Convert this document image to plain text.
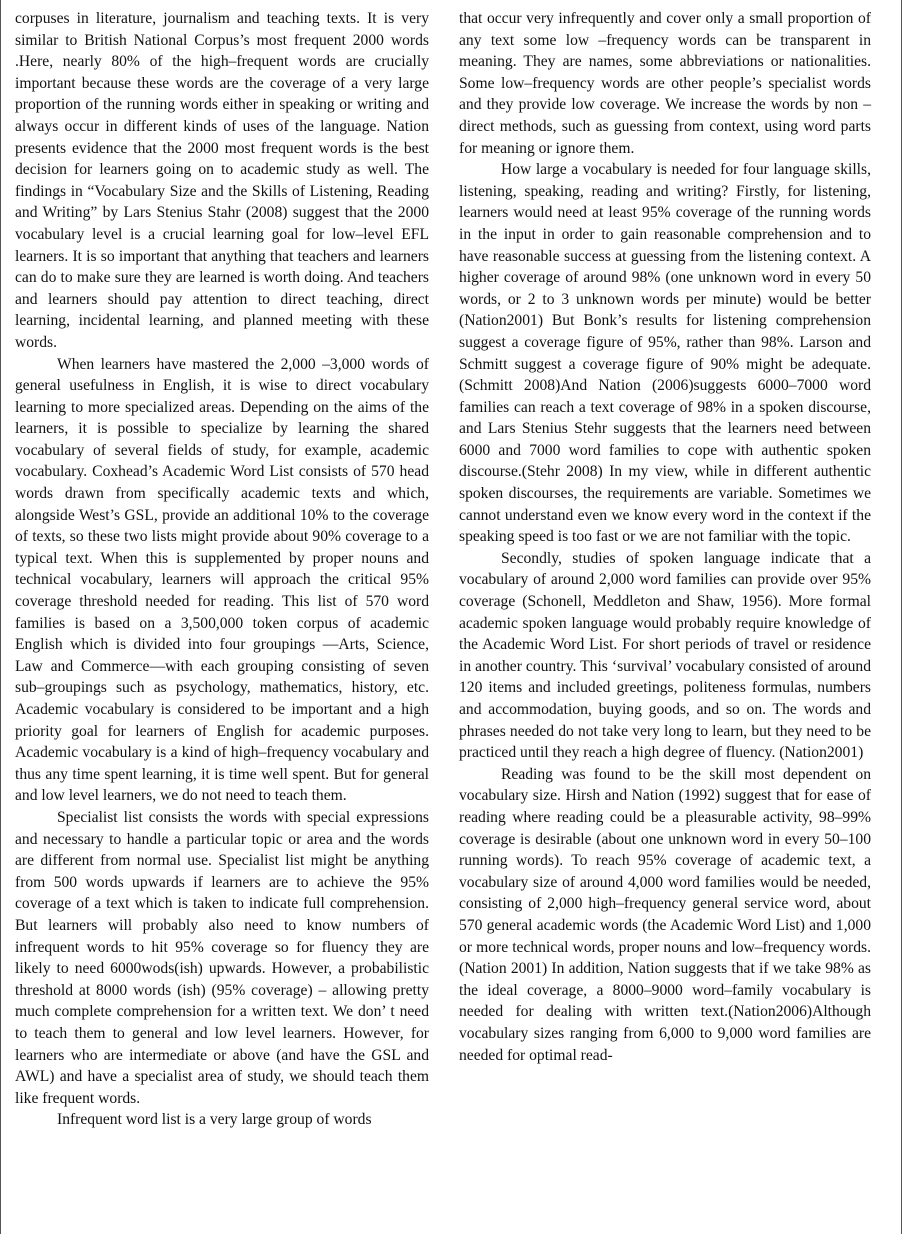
corpuses in literature, journalism and teaching texts. It is very similar to British National Corpus’s most frequent 2000 words .Here, nearly 80% of the high–frequent words are crucially important because these words are the coverage of a very large proportion of the running words either in speaking or writing and always occur in different kinds of uses of the language. Nation presents evidence that the 2000 most frequent words is the best decision for learners going on to academic study as well. The findings in “Vocabulary Size and the Skills of Listening, Reading and Writing” by Lars Stenius Stahr (2008) suggest that the 2000 vocabulary level is a crucial learning goal for low–level EFL learners. It is so important that anything that teachers and learners can do to make sure they are learned is worth doing. And teachers and learners should pay attention to direct teaching, direct learning, incidental learning, and planned meeting with these words.

When learners have mastered the 2,000 –3,000 words of general usefulness in English, it is wise to direct vocabulary learning to more specialized areas. Depending on the aims of the learners, it is possible to specialize by learning the shared vocabulary of several fields of study, for example, academic vocabulary. Coxhead’s Academic Word List consists of 570 head words drawn from specifically academic texts and which, alongside West’s GSL, provide an additional 10% to the coverage of texts, so these two lists might provide about 90% coverage to a typical text. When this is supplemented by proper nouns and technical vocabulary, learners will approach the critical 95% coverage threshold needed for reading. This list of 570 word families is based on a 3,500,000 token corpus of academic English which is divided into four groupings —Arts, Science, Law and Commerce—with each grouping consisting of seven sub–groupings such as psychology, mathematics, history, etc. Academic vocabulary is considered to be important and a high priority goal for learners of English for academic purposes. Academic vocabulary is a kind of high–frequency vocabulary and thus any time spent learning, it is time well spent. But for general and low level learners, we do not need to teach them.

Specialist list consists the words with special expressions and necessary to handle a particular topic or area and the words are different from normal use. Specialist list might be anything from 500 words upwards if learners are to achieve the 95% coverage of a text which is taken to indicate full comprehension. But learners will probably also need to know numbers of infrequent words to hit 95% coverage so for fluency they are likely to need 6000wods(ish) upwards. However, a probabilistic threshold at 8000 words (ish) (95% coverage) – allowing pretty much complete comprehension for a written text. We don’ t need to teach them to general and low level learners. However, for learners who are intermediate or above (and have the GSL and AWL) and have a specialist area of study, we should teach them like frequent words.

Infrequent word list is a very large group of words

that occur very infrequently and cover only a small proportion of any text some low –frequency words can be transparent in meaning. They are names, some abbreviations or nationalities. Some low–frequency words are other people’s specialist words and they provide low coverage. We increase the words by non –direct methods, such as guessing from context, using word parts for meaning or ignore them.

How large a vocabulary is needed for four language skills, listening, speaking, reading and writing? Firstly, for listening, learners would need at least 95% coverage of the running words in the input in order to gain reasonable comprehension and to have reasonable success at guessing from the listening context. A higher coverage of around 98% (one unknown word in every 50 words, or 2 to 3 unknown words per minute) would be better (Nation2001) But Bonk’s results for listening comprehension suggest a coverage figure of 95%, rather than 98%. Larson and Schmitt suggest a coverage figure of 90% might be adequate. (Schmitt 2008)And Nation (2006)suggests 6000–7000 word families can reach a text coverage of 98% in a spoken discourse, and Lars Stenius Stehr suggests that the learners need between 6000 and 7000 word families to cope with authentic spoken discourse.(Stehr 2008) In my view, while in different authentic spoken discourses, the requirements are variable. Sometimes we cannot understand even we know every word in the context if the speaking speed is too fast or we are not familiar with the topic.

Secondly, studies of spoken language indicate that a vocabulary of around 2,000 word families can provide over 95% coverage (Schonell, Meddleton and Shaw, 1956). More formal academic spoken language would probably require knowledge of the Academic Word List. For short periods of travel or residence in another country. This ‘survival’ vocabulary consisted of around 120 items and included greetings, politeness formulas, numbers and accommodation, buying goods, and so on. The words and phrases needed do not take very long to learn, but they need to be practiced until they reach a high degree of fluency. (Nation2001)

Reading was found to be the skill most dependent on vocabulary size. Hirsh and Nation (1992) suggest that for ease of reading where reading could be a pleasurable activity, 98–99% coverage is desirable (about one unknown word in every 50–100 running words). To reach 95% coverage of academic text, a vocabulary size of around 4,000 word families would be needed, consisting of 2,000 high–frequency general service word, about 570 general academic words (the Academic Word List) and 1,000 or more technical words, proper nouns and low–frequency words.(Nation 2001) In addition, Nation suggests that if we take 98% as the ideal coverage, a 8000–9000 word–family vocabulary is needed for dealing with written text.(Nation2006)Although vocabulary sizes ranging from 6,000 to 9,000 word families are needed for optimal read-
